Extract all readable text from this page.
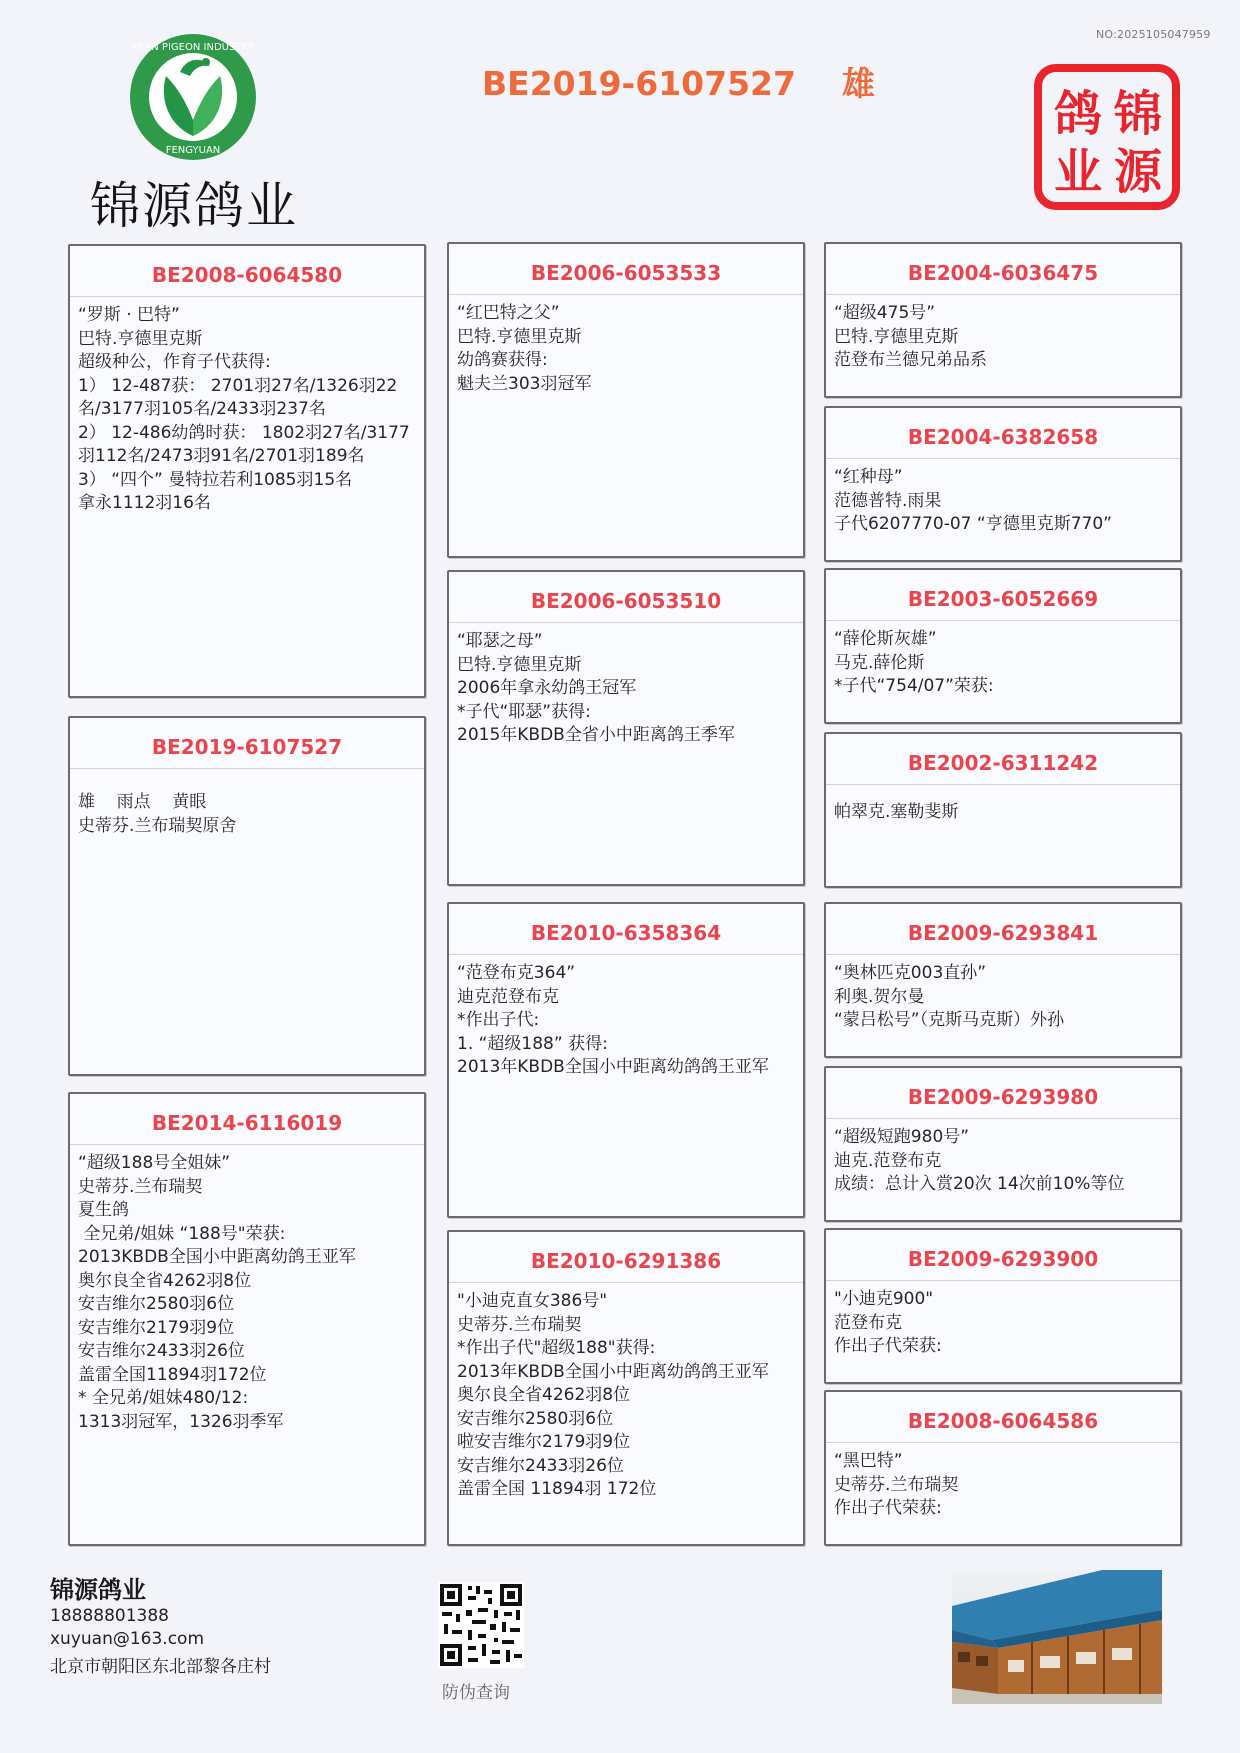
NO:2025105047959
FRAN PIGEON INDUSTRY
FENGYUAN
锦源鸽业
BE2019-6107527    雄
锦
源
鸽
业
BE2008-6064580
“罗斯 · 巴特”
巴特.亨德里克斯
超级种公，作育子代获得:
1） 12-487获： 2701羽27名/1326羽22名/3177羽105名/2433羽237名
2） 12-486幼鸽时获： 1802羽27名/3177羽112名/2473羽91名/2701羽189名
3） “四个” 曼特拉若利1085羽15名
拿永1112羽16名
BE2019-6107527
雄    雨点    黄眼
史蒂芬.兰布瑞契原舍
BE2014-6116019
“超级188号全姐妹”
史蒂芬.兰布瑞契
夏生鸽
全兄弟/姐妹 “188号"荣获:
2013KBDB全国小中距离幼鸽王亚军
奥尔良全省4262羽8位
安吉维尔2580羽6位
安吉维尔2179羽9位
安吉维尔2433羽26位
盖雷全国11894羽172位
* 全兄弟/姐妹480/12:
1313羽冠军，1326羽季军
BE2006-6053533
“红巴特之父”
巴特.亨德里克斯
幼鸽赛获得:
魁夫兰303羽冠军
BE2006-6053510
“耶瑟之母”
巴特.亨德里克斯
2006年拿永幼鸽王冠军
*子代“耶瑟”获得:
2015年KBDB全省小中距离鸽王季军
BE2010-6358364
“范登布克364”
迪克范登布克
*作出子代:
1. “超级188” 获得:
2013年KBDB全国小中距离幼鸽鸽王亚军
BE2010-6291386
"小迪克直女386号"
史蒂芬.兰布瑞契
*作出子代"超级188"获得:
2013年KBDB全国小中距离幼鸽鸽王亚军
奥尔良全省4262羽8位
安吉维尔2580羽6位
啦安吉维尔2179羽9位
安吉维尔2433羽26位
盖雷全国 11894羽 172位
BE2004-6036475
“超级475号”
巴特.亨德里克斯
范登布兰德兄弟品系
BE2004-6382658
“红种母”
范德普特.雨果
子代6207770-07 “亨德里克斯770”
BE2003-6052669
“薛伦斯灰雄”
马克.薛伦斯
*子代“754/07”荣获:
BE2002-6311242
帕翠克.塞勒斐斯
BE2009-6293841
“奥林匹克003直孙”
利奥.贺尔曼
“蒙吕松号”（克斯马克斯）外孙
BE2009-6293980
“超级短跑980号”
迪克.范登布克
成绩：总计入赏20次 14次前10%等位
BE2009-6293900
"小迪克900"
范登布克
作出子代荣获:
BE2008-6064586
“黑巴特”
史蒂芬.兰布瑞契
作出子代荣获:
锦源鸽业
18888801388
xuyuan@163.com
北京市朝阳区东北部黎各庄村
防伪查询
